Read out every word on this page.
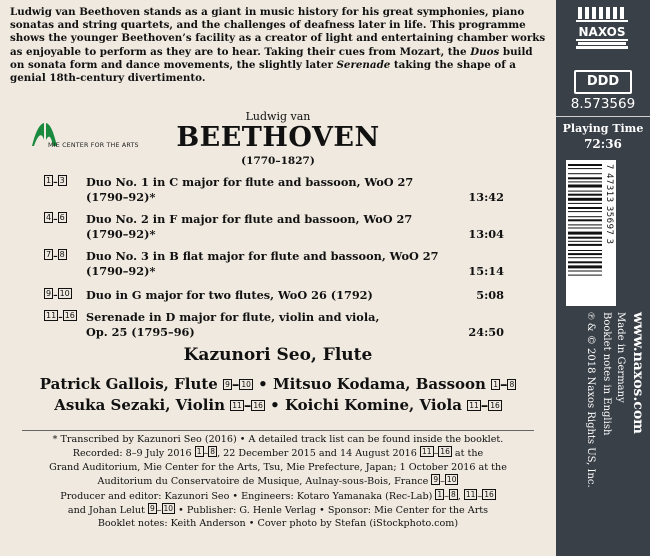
Ludwig van Beethoven stands as a giant in music history for his great symphonies, piano sonatas and string quartets, and the challenges of deafness later in life. This programme shows the younger Beethoven’s facility as a creator of light and entertaining chamber works as enjoyable to perform as they are to hear. Taking their cues from Mozart, the Duos build on sonata form and dance movements, the slightly later Serenade taking the shape of a genial 18th-century divertimento.
MIE CENTER FOR THE ARTS
Ludwig van
BEETHOVEN
(1770–1827)
1 – 3 Duo No. 1 in C major for flute and bassoon, WoO 27
(1790–92)*	13:42
4 – 6 Duo No. 2 in F major for flute and bassoon, WoO 27
(1790–92)*	13:04
7 – 8 Duo No. 3 in B flat major for flute and bassoon, WoO 27
(1790–92)*	15:14
9 – 10 Duo in G major for two flutes, WoO 26 (1792)	5:08
11 – 16 Serenade in D major for flute, violin and viola,
Op. 25 (1795–96)	24:50
Kazunori Seo, Flute
Patrick Gallois, Flute 9 – 10 • Mitsuo Kodama, Bassoon 1 – 8
Asuka Sezaki, Violin 11 – 16 • Koichi Komine, Viola 11 – 16
* Transcribed by Kazunori Seo (2016) • A detailed track list can be found inside the booklet.
Recorded: 8–9 July 2016 1 – 8 , 22 December 2015 and 14 August 2016 11 – 16 at the
Grand Auditorium, Mie Center for the Arts, Tsu, Mie Prefecture, Japan; 1 October 2016 at the
Auditorium du Conservatoire de Musique, Aulnay-sous-Bois, France 9 – 10
Producer and editor: Kazunori Seo • Engineers: Kotaro Yamanaka (Rec-Lab) 1 – 8 , 11 – 16
and Johan Lelut 9 – 10 • Publisher: G. Henle Verlag • Sponsor: Mie Center for the Arts
Booklet notes: Keith Anderson • Cover photo by Stefan (iStockphoto.com)
NAXOS
DDD
8.573569
Playing Time
72:36
7 47313 35697 3
www.naxos.com
Made in Germany
Booklet notes in English
℗ & © 2018 Naxos Rights US, Inc.
